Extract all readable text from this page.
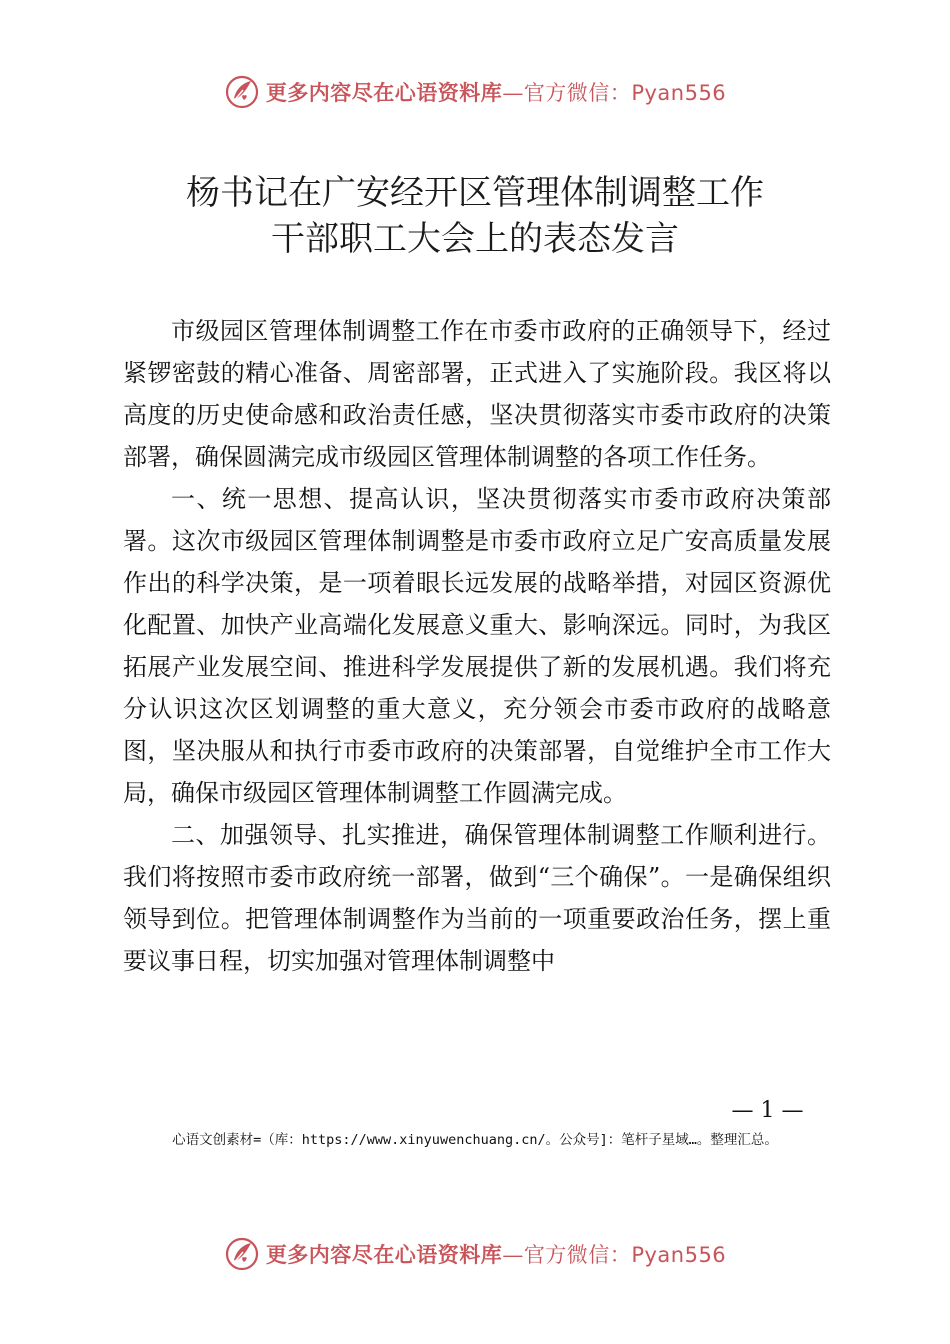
更多内容尽在心语资料库—官方微信：Pyan556
杨书记在广安经开区管理体制调整工作
干部职工大会上的表态发言

市级园区管理体制调整工作在市委市政府的正确领导下，经过紧锣密鼓的精心准备、周密部署，正式进入了实施阶段。我区将以高度的历史使命感和政治责任感，坚决贯彻落实市委市政府的决策部署，确保圆满完成市级园区管理体制调整的各项工作任务。

一、统一思想、提高认识，坚决贯彻落实市委市政府决策部署。这次市级园区管理体制调整是市委市政府立足广安高质量发展作出的科学决策，是一项着眼长远发展的战略举措，对园区资源优化配置、加快产业高端化发展意义重大、影响深远。同时，为我区拓展产业发展空间、推进科学发展提供了新的发展机遇。我们将充分认识这次区划调整的重大意义，充分领会市委市政府的战略意图，坚决服从和执行市委市政府的决策部署，自觉维护全市工作大局，确保市级园区管理体制调整工作圆满完成。

二、加强领导、扎实推进，确保管理体制调整工作顺利进行。我们将按照市委市政府统一部署，做到“三个确保”。一是确保组织领导到位。把管理体制调整作为当前的一项重要政治任务，摆上重要议事日程，切实加强对管理体制调整中

— 1 —
心语文创素材=（库：https://www.xinyuwenchuang.cn/。公众号]：笔杆子星域…。整理汇总。
更多内容尽在心语资料库—官方微信：Pyan556
